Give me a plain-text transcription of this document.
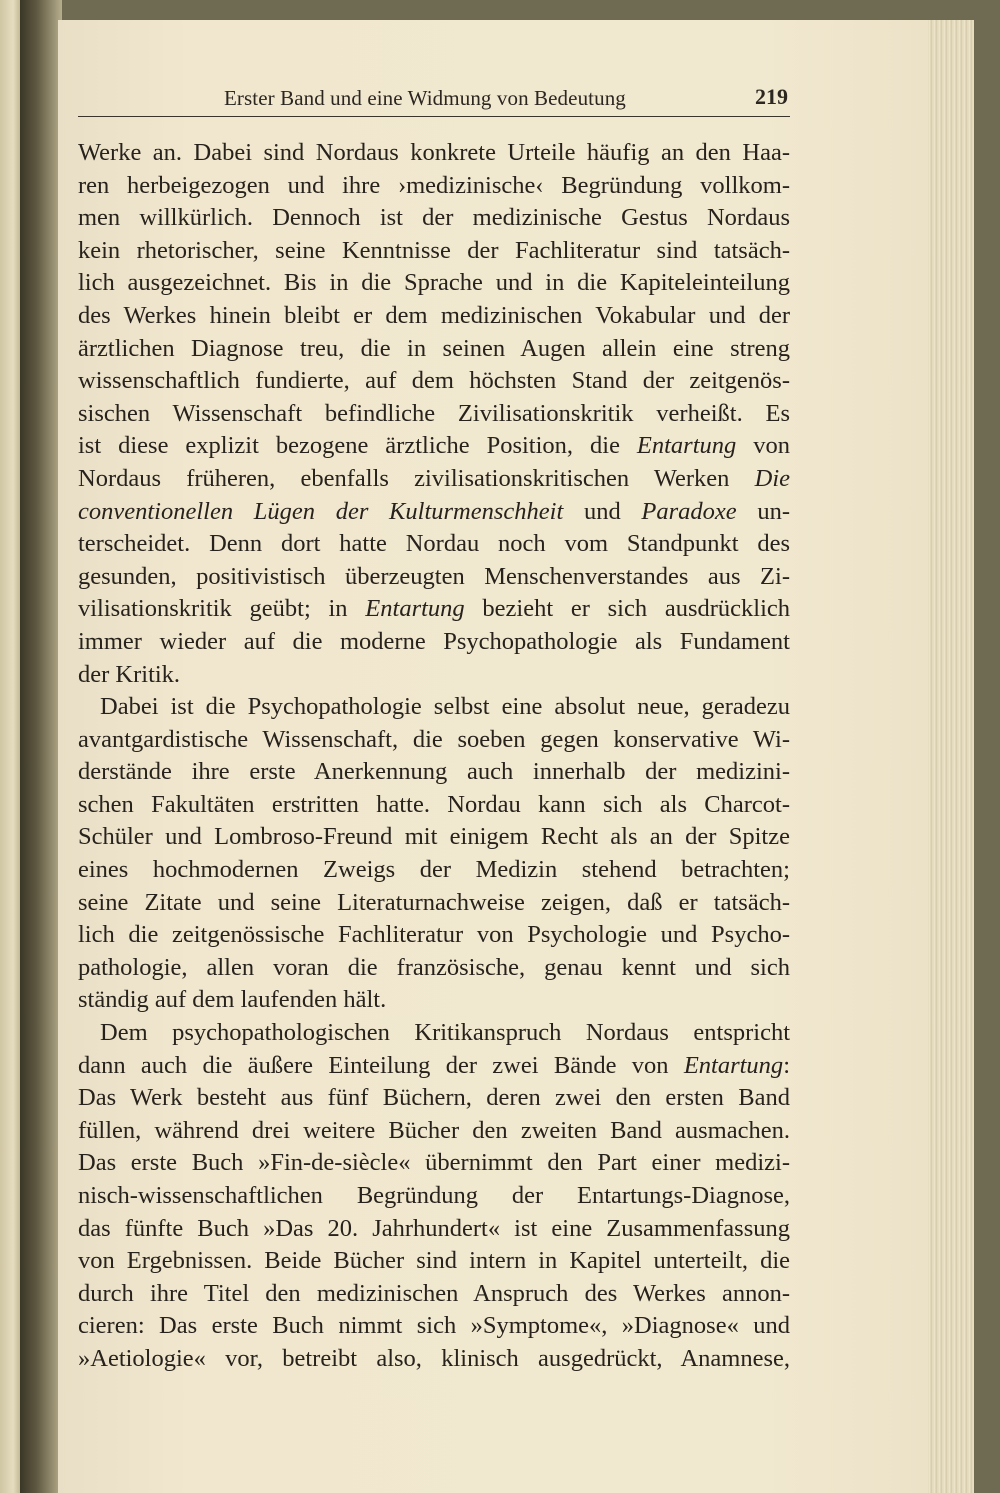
Erster Band und eine Widmung von Bedeutung	219
Werke an. Dabei sind Nordaus konkrete Urteile häufig an den Haa-
ren herbeigezogen und ihre ›medizinische‹ Begründung vollkom-
men willkürlich. Dennoch ist der medizinische Gestus Nordaus
kein rhetorischer, seine Kenntnisse der Fachliteratur sind tatsäch-
lich ausgezeichnet. Bis in die Sprache und in die Kapiteleinteilung
des Werkes hinein bleibt er dem medizinischen Vokabular und der
ärztlichen Diagnose treu, die in seinen Augen allein eine streng
wissenschaftlich fundierte, auf dem höchsten Stand der zeitgenös-
sischen Wissenschaft befindliche Zivilisationskritik verheißt. Es
ist diese explizit bezogene ärztliche Position, die Entartung von
Nordaus früheren, ebenfalls zivilisationskritischen Werken Die
conventionellen Lügen der Kulturmenschheit und Paradoxe un-
terscheidet. Denn dort hatte Nordau noch vom Standpunkt des
gesunden, positivistisch überzeugten Menschenverstandes aus Zi-
vilisationskritik geübt; in Entartung bezieht er sich ausdrücklich
immer wieder auf die moderne Psychopathologie als Fundament
der Kritik.
Dabei ist die Psychopathologie selbst eine absolut neue, geradezu
avantgardistische Wissenschaft, die soeben gegen konservative Wi-
derstände ihre erste Anerkennung auch innerhalb der medizini-
schen Fakultäten erstritten hatte. Nordau kann sich als Charcot-
Schüler und Lombroso-Freund mit einigem Recht als an der Spitze
eines hochmodernen Zweigs der Medizin stehend betrachten;
seine Zitate und seine Literaturnachweise zeigen, daß er tatsäch-
lich die zeitgenössische Fachliteratur von Psychologie und Psycho-
pathologie, allen voran die französische, genau kennt und sich
ständig auf dem laufenden hält.
Dem psychopathologischen Kritikanspruch Nordaus entspricht
dann auch die äußere Einteilung der zwei Bände von Entartung:
Das Werk besteht aus fünf Büchern, deren zwei den ersten Band
füllen, während drei weitere Bücher den zweiten Band ausmachen.
Das erste Buch »Fin-de-siècle« übernimmt den Part einer medizi-
nisch-wissenschaftlichen Begründung der Entartungs-Diagnose,
das fünfte Buch »Das 20. Jahrhundert« ist eine Zusammenfassung
von Ergebnissen. Beide Bücher sind intern in Kapitel unterteilt, die
durch ihre Titel den medizinischen Anspruch des Werkes annon-
cieren: Das erste Buch nimmt sich »Symptome«, »Diagnose« und
»Aetiologie« vor, betreibt also, klinisch ausgedrückt, Anamnese,
